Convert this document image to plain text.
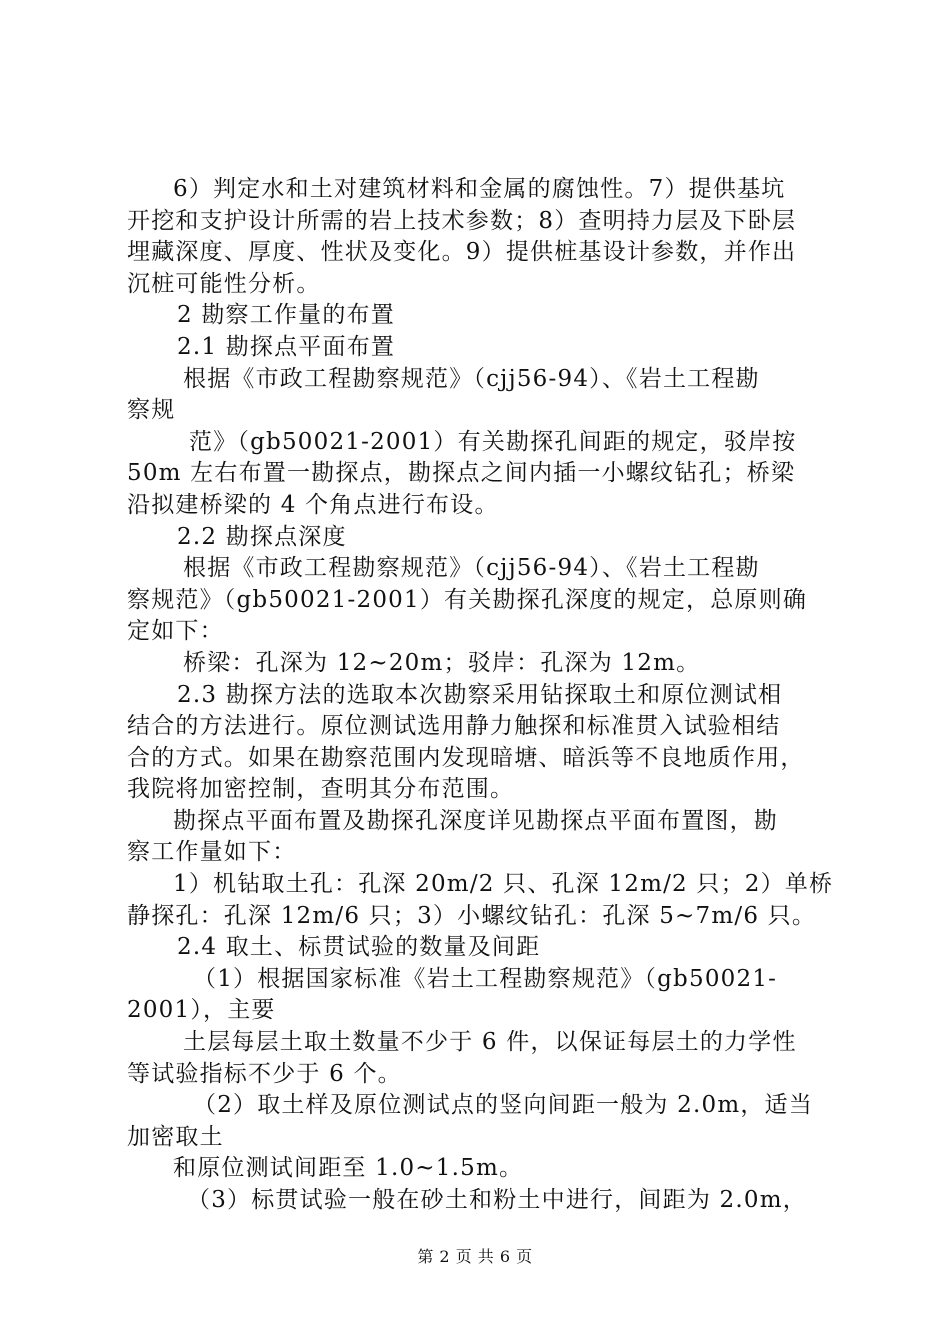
6）判定水和土对建筑材料和金属的腐蚀性。7）提供基坑
开挖和支护设计所需的岩上技术参数；8）查明持力层及下卧层
埋藏深度、厚度、性状及变化。9）提供桩基设计参数，并作出
沉桩可能性分析。
2 勘察工作量的布置
2.1 勘探点平面布置
根据《市政工程勘察规范》（cjj56-94）、《岩土工程勘
察规
范》（gb50021-2001）有关勘探孔间距的规定，驳岸按
50m 左右布置一勘探点，勘探点之间内插一小螺纹钻孔；桥梁
沿拟建桥梁的 4 个角点进行布设。
2.2 勘探点深度
根据《市政工程勘察规范》（cjj56-94）、《岩土工程勘
察规范》（gb50021-2001）有关勘探孔深度的规定，总原则确
定如下：
桥梁：孔深为 12~20m；驳岸：孔深为 12m。
2.3 勘探方法的选取本次勘察采用钻探取土和原位测试相
结合的方法进行。原位测试选用静力触探和标准贯入试验相结
合的方式。如果在勘察范围内发现暗塘、暗浜等不良地质作用，
我院将加密控制，查明其分布范围。
勘探点平面布置及勘探孔深度详见勘探点平面布置图，勘
察工作量如下：
1）机钻取土孔：孔深 20m/2 只、孔深 12m/2 只；2）单桥
静探孔：孔深 12m/6 只；3）小螺纹钻孔：孔深 5~7m/6 只。
2.4 取土、标贯试验的数量及间距
（1）根据国家标准《岩土工程勘察规范》（gb50021-
2001），主要
土层每层土取土数量不少于 6 件，以保证每层土的力学性
等试验指标不少于 6 个。
（2）取土样及原位测试点的竖向间距一般为 2.0m，适当
加密取土
和原位测试间距至 1.0~1.5m。
（3）标贯试验一般在砂土和粉土中进行，间距为 2.0m，
第 2 页 共 6 页
